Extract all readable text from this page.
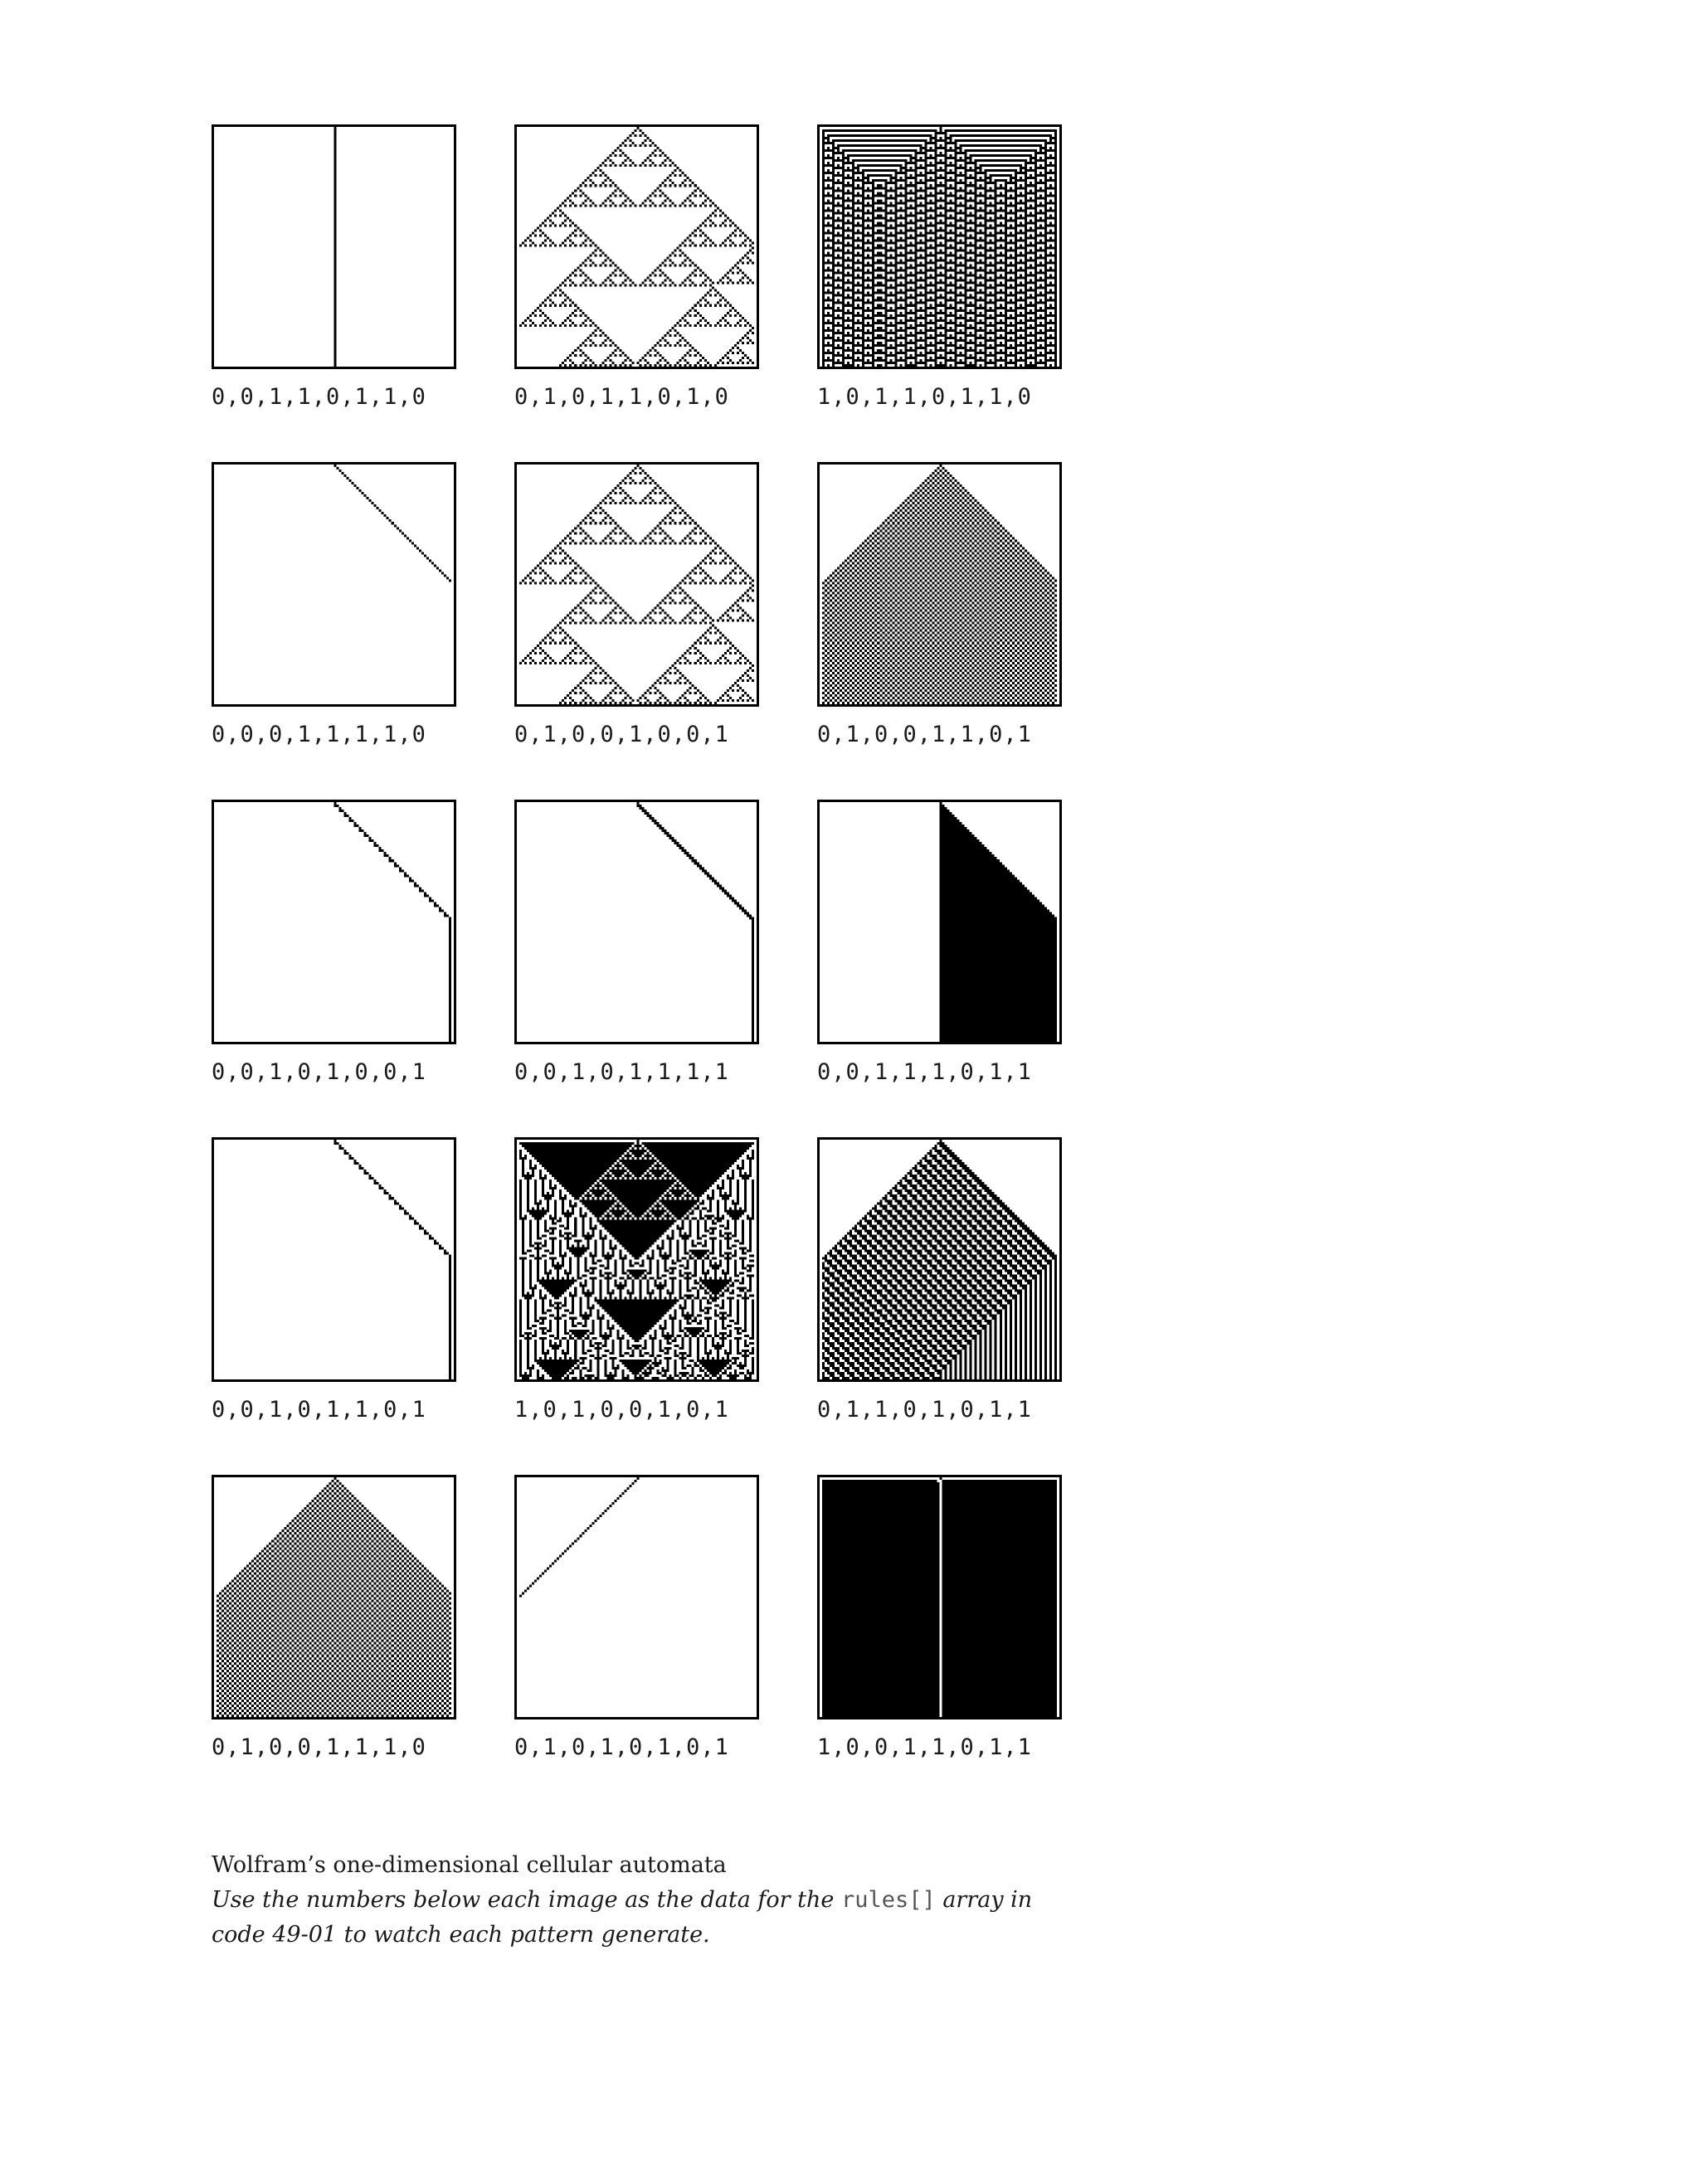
0,0,1,1,0,1,1,0	0,1,0,1,1,0,1,0	1,0,1,1,0,1,1,0
0,0,0,1,1,1,1,0	0,1,0,0,1,0,0,1	0,1,0,0,1,1,0,1
0,0,1,0,1,0,0,1	0,0,1,0,1,1,1,1	0,0,1,1,1,0,1,1
0,0,1,0,1,1,0,1	1,0,1,0,0,1,0,1	0,1,1,0,1,0,1,1
0,1,0,0,1,1,1,0	0,1,0,1,0,1,0,1	1,0,0,1,1,0,1,1

Wolfram’s one-dimensional cellular automata

Use the numbers below each image as the data for the rules[] array in code 49-01 to watch each pattern generate.
